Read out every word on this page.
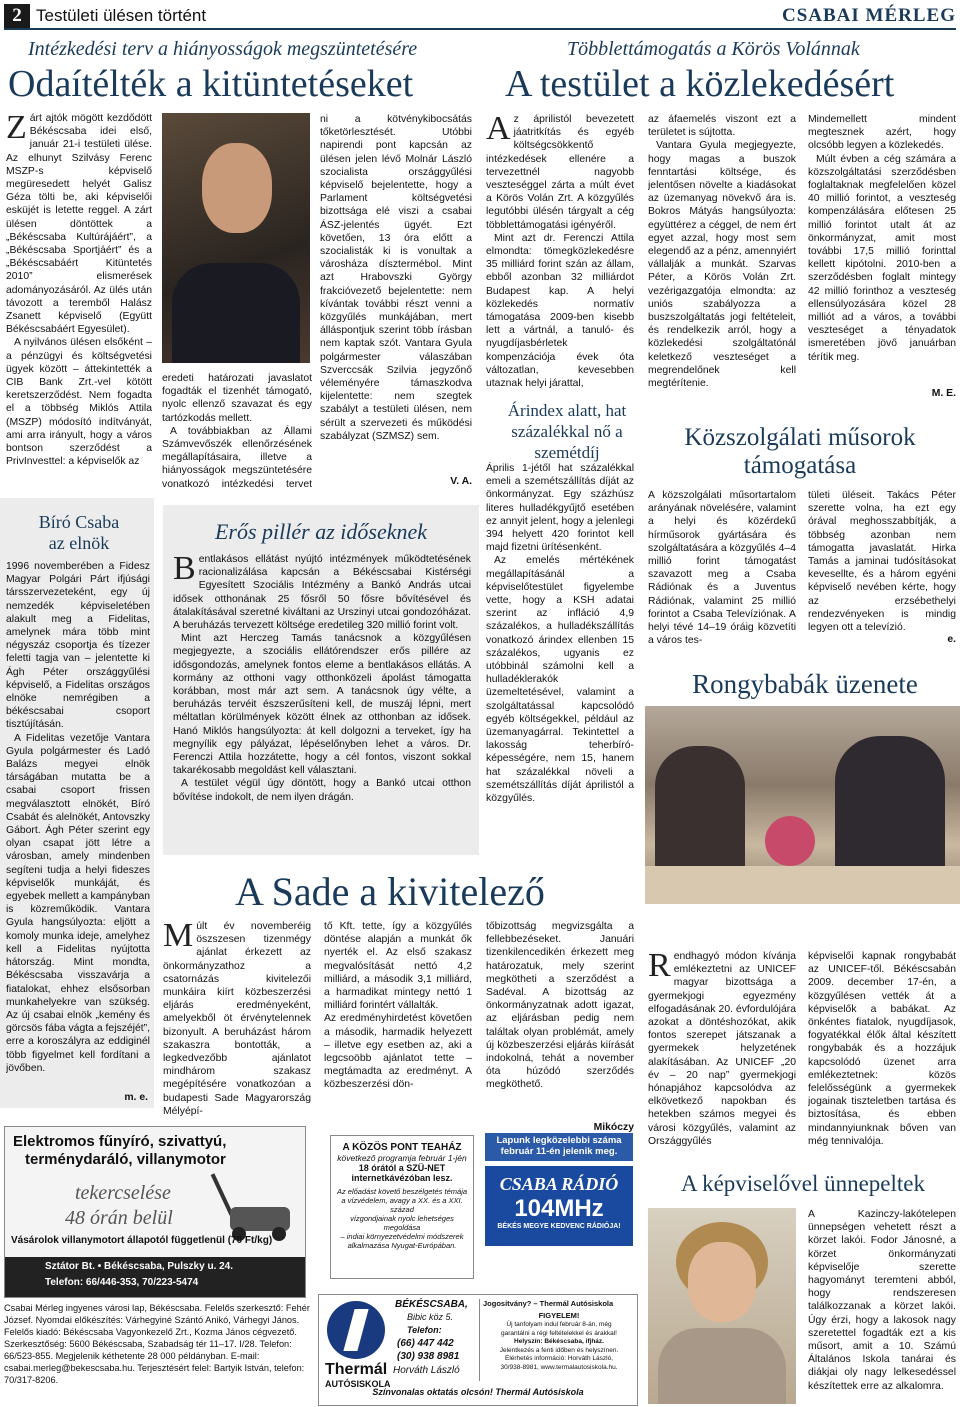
2 Testületi ülésen történt	CSABAI MÉRLEG
Intézkedési terv a hiányosságok megszüntetésére
Odaítélték a kitüntetéseket
Többlettámogatás a Körös Volánnak
A testület a közlekedésért
Z árt ajtók mögött kezdődött Békéscsaba idei első, január 21-i testületi ülése. Az elhunyt Szilvásy Ferenc MSZP-s képviselő megüresedett helyét Galisz Géza tölti be, aki képviselői esküjét is letette reggel. A zárt ülésen döntöttek a „Békéscsaba Kultúrájáért”, a „Békéscsaba Sportjáért” és a „Békéscsabáért Kitüntetés 2010” elismerések adományozásáról. Az ülés után távozott a teremből Halász Zsanett képviselő (Együtt Békéscsabáért Egyesület).

A nyilvános ülésen elsőként – a pénzügyi és költségvetési ügyek között – áttekintették a CIB Bank Zrt.-vel kötött keretszerződést. Nem fogadta el a többség Miklós Attila (MSZP) módosító indítványát, ami arra irányult, hogy a város bontson szerződést a PrivInvesttel: a képviselők az

eredeti határozati javaslatot fogadták el tizenhét támogató, nyolc ellenző szavazat és egy tartózkodás mellett.

A továbbiakban az Állami Számvevőszék ellenőrzésének megállapításaira, illetve a hiányosságok megszüntetésére vonatkozó intézkedési tervet

ni a kötvénykibocsátás tőketörlesztését. Utóbbi napirendi pont kapcsán az ülésen jelen lévő Molnár László szocialista országgyűlési képviselő bejelentette, hogy a Parlament költségvetési bizottsága elé viszi a csabai ÁSZ-jelentés ügyét. Ezt követően, 13 óra előtt a szocialisták ki is vonultak a városháza dísztermébol. Mint azt Hrabovszki György frakcióvezető bejelentette: nem kívántak további részt venni a közgyűlés munkájában, mert álláspontjuk szerint több írásban nem kaptak szót. Vantara Gyula polgármester válaszában Szverccsák Szilvia jegyzőnő véleményére támaszkodva kijelentette: nem szegtek szabályt a testületi ülésen, nem sérült a szervezeti és működési szabályzat (SZMSZ) sem.

V. A.
Bíró Csaba az elnök

1996 novemberében a Fidesz Magyar Polgári Párt ifjúsági társszervezeteként, egy új nemzedék képviseletében alakult meg a Fidelitas, amelynek mára több mint négyszáz csoportja és tízezer feletti tagja van – jelentette ki Ágh Péter országgyűlési képviselő, a Fidelitas országos elnöke nemrégiben a békéscsabai csoport tisztújításán.

A Fidelitas vezetője Vantara Gyula polgármester és Ladó Balázs megyei elnök társágában mutatta be a csabai csoport frissen megválasztott elnökét, Bíró Csabát és alelnökét, Antovszky Gábort. Ágh Péter szerint egy olyan csapat jött létre a városban, amely mindenben segíteni tudja a helyi fideszes képviselők munkáját, és egyebek mellett a kampányban is közreműködik. Vantara Gyula hangsúlyozta: eljött a komoly munka ideje, amelyhez kell a Fidelitas nyújtotta hátország. Mint mondta, Békéscsaba visszavárja a fiatalokat, ehhez elsősorban munkahelyekre van szükség. Az új csabai elnök „kemény és görcsös fába vágta a fejszéjét”, erre a koroszályra az eddiginél több figyelmet kell fordítani a jövőben.

m. e.
Erős pillér az időseknek
B entlakásos ellátást nyújtó intézmények működtetésének racionalizálása kapcsán a Békéscsabai Kistérségi Egyesített Szociális Intézmény a Bankó András utcai idősek otthonának 25 fősről 50 fősre bővítésével és átalakításával szeretné kiváltani az Urszinyi utcai gondozóházat. A beruházás tervezett költsége eredetileg 320 millió forint volt.

Mint azt Herczeg Tamás tanácsnok a közgyűlésen megjegyezte, a szociális ellátórendszer erős pillére az idősgondozás, amelynek fontos eleme a bentlakásos ellátás. A kormány az otthoni vagy otthonközeli ápolást támogatta korábban, most már azt sem. A tanácsnok úgy vélte, a beruházás tervéit észszerűsíteni kell, de muszáj lépni, mert méltatlan körülmények között élnek az otthonban az idősek. Hanó Miklós hangsúlyozta: át kell dolgozni a terveket, így ha megnyílik egy pályázat, lépéselőnyben lehet a város. Dr. Ferenczi Attila hozzátette, hogy a cél fontos, viszont sokkal takarékosabb megoldást kell választani.

A testület végül úgy döntött, hogy a Bankó utcai otthon bővítése indokolt, de nem ilyen drágán.

A z áprilistól bevezetett jáatritkítás és egyéb költségcsökkentő intézkedések ellenére a tervezettnél nagyobb veszteséggel zárta a múlt évet a Körös Volán Zrt. A közgyűlés legutóbbi ülésén tárgyalt a cég többlettámogatási igényéről.

Mint azt dr. Ferenczi Attila elmondta: tömegközlekedésre 35 milliárd forint szán az állam, ebből azonban 32 milliárdot Budapest kap. A helyi közlekedés normatív támogatása 2009-ben kisebb lett a vártnál, a tanuló- és nyugdíjasbérletek kompenzációja évek óta változatlan, kevesebben utaznak helyi járattal,

az áfaemelés viszont ezt a területet is sújtotta.

Vantara Gyula megjegyezte, hogy magas a buszok fenntartási költsége, és jelentősen növelte a kiadásokat az üzemanyag növekvő ára is. Bokros Mátyás hangsúlyozta: együttérez a céggel, de nem ért egyet azzal, hogy most sem elegendő az a pénz, amennyiért vállalják a munkát. Szarvas Péter, a Körös Volán Zrt. vezérigazgatója elmondta: az uniós szabályozza a buszszolgáltatás jogi feltételeit, és rendelkezik arról, hogy a közlekedési szolgáltatónál keletkező veszteséget a megrendelőnek kell megtérítenie.

Mindemellett mindent megtesznek azért, hogy olcsóbb legyen a közlekedés.

Múlt évben a cég számára a közszolgáltatási szerződésben foglaltaknak megfelelően közel 40 millió forintot, a veszteség kompenzálására előtesen 25 millió forintot utalt át az önkormányzat, amit most további 17,5 millió forinttal kellett kipótolni. 2010-ben a szerződésben foglalt mintegy 42 millió forinthoz a veszteség ellensúlyozására közel 28 milliót ad a város, a további veszteséget a tényadatok ismeretében jövő januárban térítik meg.

M. E.
Árindex alatt, hat százalékkal nő a szemétdíj

Április 1-jétől hat százalékkal emeli a szemétszállítás díját az önkormányzat. Egy százhúsz literes hulladékgyűjtő esetében ez annyit jelent, hogy a jelenlegi 394 helyett 420 forintot kell majd fizetni ürítésenként.

Az emelés mértékének megállapításánál a képviselőtestület figyelembe vette, hogy a KSH adatai szerint az infláció 4,9 százalékos, a hulladékszállítás vonatkozó árindex ellenben 15 százalékos, ugyanis ez utóbbinál számolni kell a hulladéklerakók üzemeltetésével, valamint a szolgáltatással kapcsolódó egyéb költségekkel, például az üzemanyagárral. Tekintettel a lakosság teherbíró-képességére, nem 15, hanem hat százalékkal növeli a szemétszállítás díját áprilistól a közgyűlés.

Közszolgálati műsorok támogatása
A közszolgálati műsortartalom arányának növelésére, valamint a helyi és közérdekű hírműsorok gyártására és szolgáltatására a közgyűlés 4–4 millió forint támogatást szavazott meg a Csaba Rádiónak és a Juventus Rádiónak, valamint 25 millió forintot a Csaba Televíziónak. A helyi tévé 14–19 óráig közvetíti a város tes-
tületi üléseit. Takács Péter szerette volna, ha ezt egy órával meghosszabbítják, a többség azonban nem támogatta javaslatát. Hirka Tamás a jaminai tudósításokat kevesellte, és a három egyéni képviselő nevében kérte, hogy az erzsébethelyi rendezvényeken is mindig legyen ott a televízió.
e.
Rongybabák üzenete
R endhagyó módon kívánja emlékeztetni az UNICEF magyar bizottsága a gyermekjogi egyezmény elfogadásának 20. évfordulójára azokat a döntéshozókat, akik fontos szerepet játszanak a gyermekek helyzetének alakításában. Az UNICEF „20 év – 20 nap” gyermekjogi hónapjához kapcsolódva az elkövetkező napokban és hetekben számos megyei és városi közgyűlés, valamint az Országgyűlés
képviselői kapnak rongybabát az UNICEF-től. Békéscsabán 2009. december 17-én, a közgyűlésen vették át a képviselők a babákat. Az önkéntes fiatalok, nyugdíjasok, fogyatékkal élők által készített rongybabák és a hozzájuk kapcsolódó üzenet arra emlékeztetnek: közös felelősségünk a gyermekek jogainak tiszteletben tartása és biztosítása, és ebben mindannyiunknak bőven van még tennivalója.
A Sade a kivitelező
M últ év novemberéig öszszesen tizenmégy ajánlat érkezett az önkormányzathoz a csatornázás kivitelezői munkáira kiírt közbeszerzési eljárás eredményeként, amelyekből öt érvénytelennek bizonyult. A beruházást három szakaszra bontották, a legkedvezőbb ajánlatot mindhárom szakasz megépítésére vonatkozóan a budapesti Sade Magyarország Mélyépí-
tő Kft. tette, így a közgyűlés döntése alapján a munkát ők nyerték el. Az első szakasz megvalósítását nettó 4,2 milliárd, a második 3,1 milliárd, a harmadikat mintegy nettó 1 milliárd forintért vállalták.
Az eredményhirdetést követően a második, harmadik helyezett – illetve egy esetben az, aki a legcsoöbb ajánlatot tette – megtámadta az eredményt. A közbeszerzési dön-
tőbizottság megvizsgálta a fellebbezéseket. Januári tizenkilencedikén érkezett meg határozatuk, mely szerint megkötheti a szerződést a Sadéval. A bizottság az önkormányzatnak adott igazat, az eljárásban pedig nem találtak olyan problémát, amely új közbeszerzési eljárás kiírását indokolná, tehát a november óta húzódó szerződés megköthető.
Mikóczy
Elektromos fűnyíró, szivattyú,
terménydaráló, villanymotor
tekercselése
48 órán belül
Vásárolok villanymotort állapotól függetlenül (70 Ft/kg)
Sztátor Bt. • Békéscsaba, Pulszky u. 24.
Telefon: 66/446-353, 70/223-5474
A KÖZÖS PONT TEAHÁZ
következő programja február 1-jén
18 órától a SZÜ-NET
internetkávézóban lesz.
Az előadást követő beszélgetés témája
a vízvédelem, avagy a XX. és a XXI. század
vízgondjainak nyolc lehetséges megoldása
– indiai környezetvédelmi módszerek
alkalmazása Nyugat-Európában.
Lapunk legközelebbi száma
február 11-én jelenik meg.
CSABA RÁDIÓ
104MHz
BÉKÉS MEGYE KEDVENC RÁDIÓJA!
Csabai Mérleg ingyenes városi lap, Békéscsaba. Felelős szerkesztő: Fehér József. Nyomdai előkészítés: Várhegyiné Szántó Anikó, Várhegyi János. Felelős kiadó: Békéscsaba Vagyonkezelő Zrt., Kozma János cégvezető. Szerkesztőség: 5600 Békéscsaba, Szabadság tér 11–17. I/28. Telefon: 66/523-855. Megjelenik kéthetente 28 000 példányban. E-mail: csabai.merleg@bekescsaba.hu. Terjesztésért felel: Bartyik István, telefon: 70/317-8206.
Thermál
AUTÓSISKOLA
BÉKÉSCSABA,
Bibic köz 5.
Telefon:
(66) 447 442
(30) 938 8981
Horváth László
Jogosítvány? – Thermál Autósiskola
FIGYELEM!
Új tanfolyam indul február 8-án, még
garantálni a régi feltételekkel és árakkal!
Helyszín: Békéscsaba, ifjház.
Jelentkezés a fenti időben és helyszínen.
Elérhetés információ: Horváth László,
30/938-8981, www.termalautosiskola.hu.
Színvonalas oktatás olcsón! Thermál Autósiskola
A képviselővel ünnepeltek
A Kazinczy-lakótelepen ünnepségen vehetett részt a körzet lakói. Fodor Jánosné, a körzet önkormányzati képviselője szerette hagyományt teremteni abból, hogy rendszeresen találkozzanak a körzet lakói. Úgy érzi, hogy a lakosok nagy szeretettel fogadták ezt a kis műsort, amit a 10. Számú Általános Iskola tanárai és diákjai oly nagy lelkesedéssel készítettek erre az alkalomra.
